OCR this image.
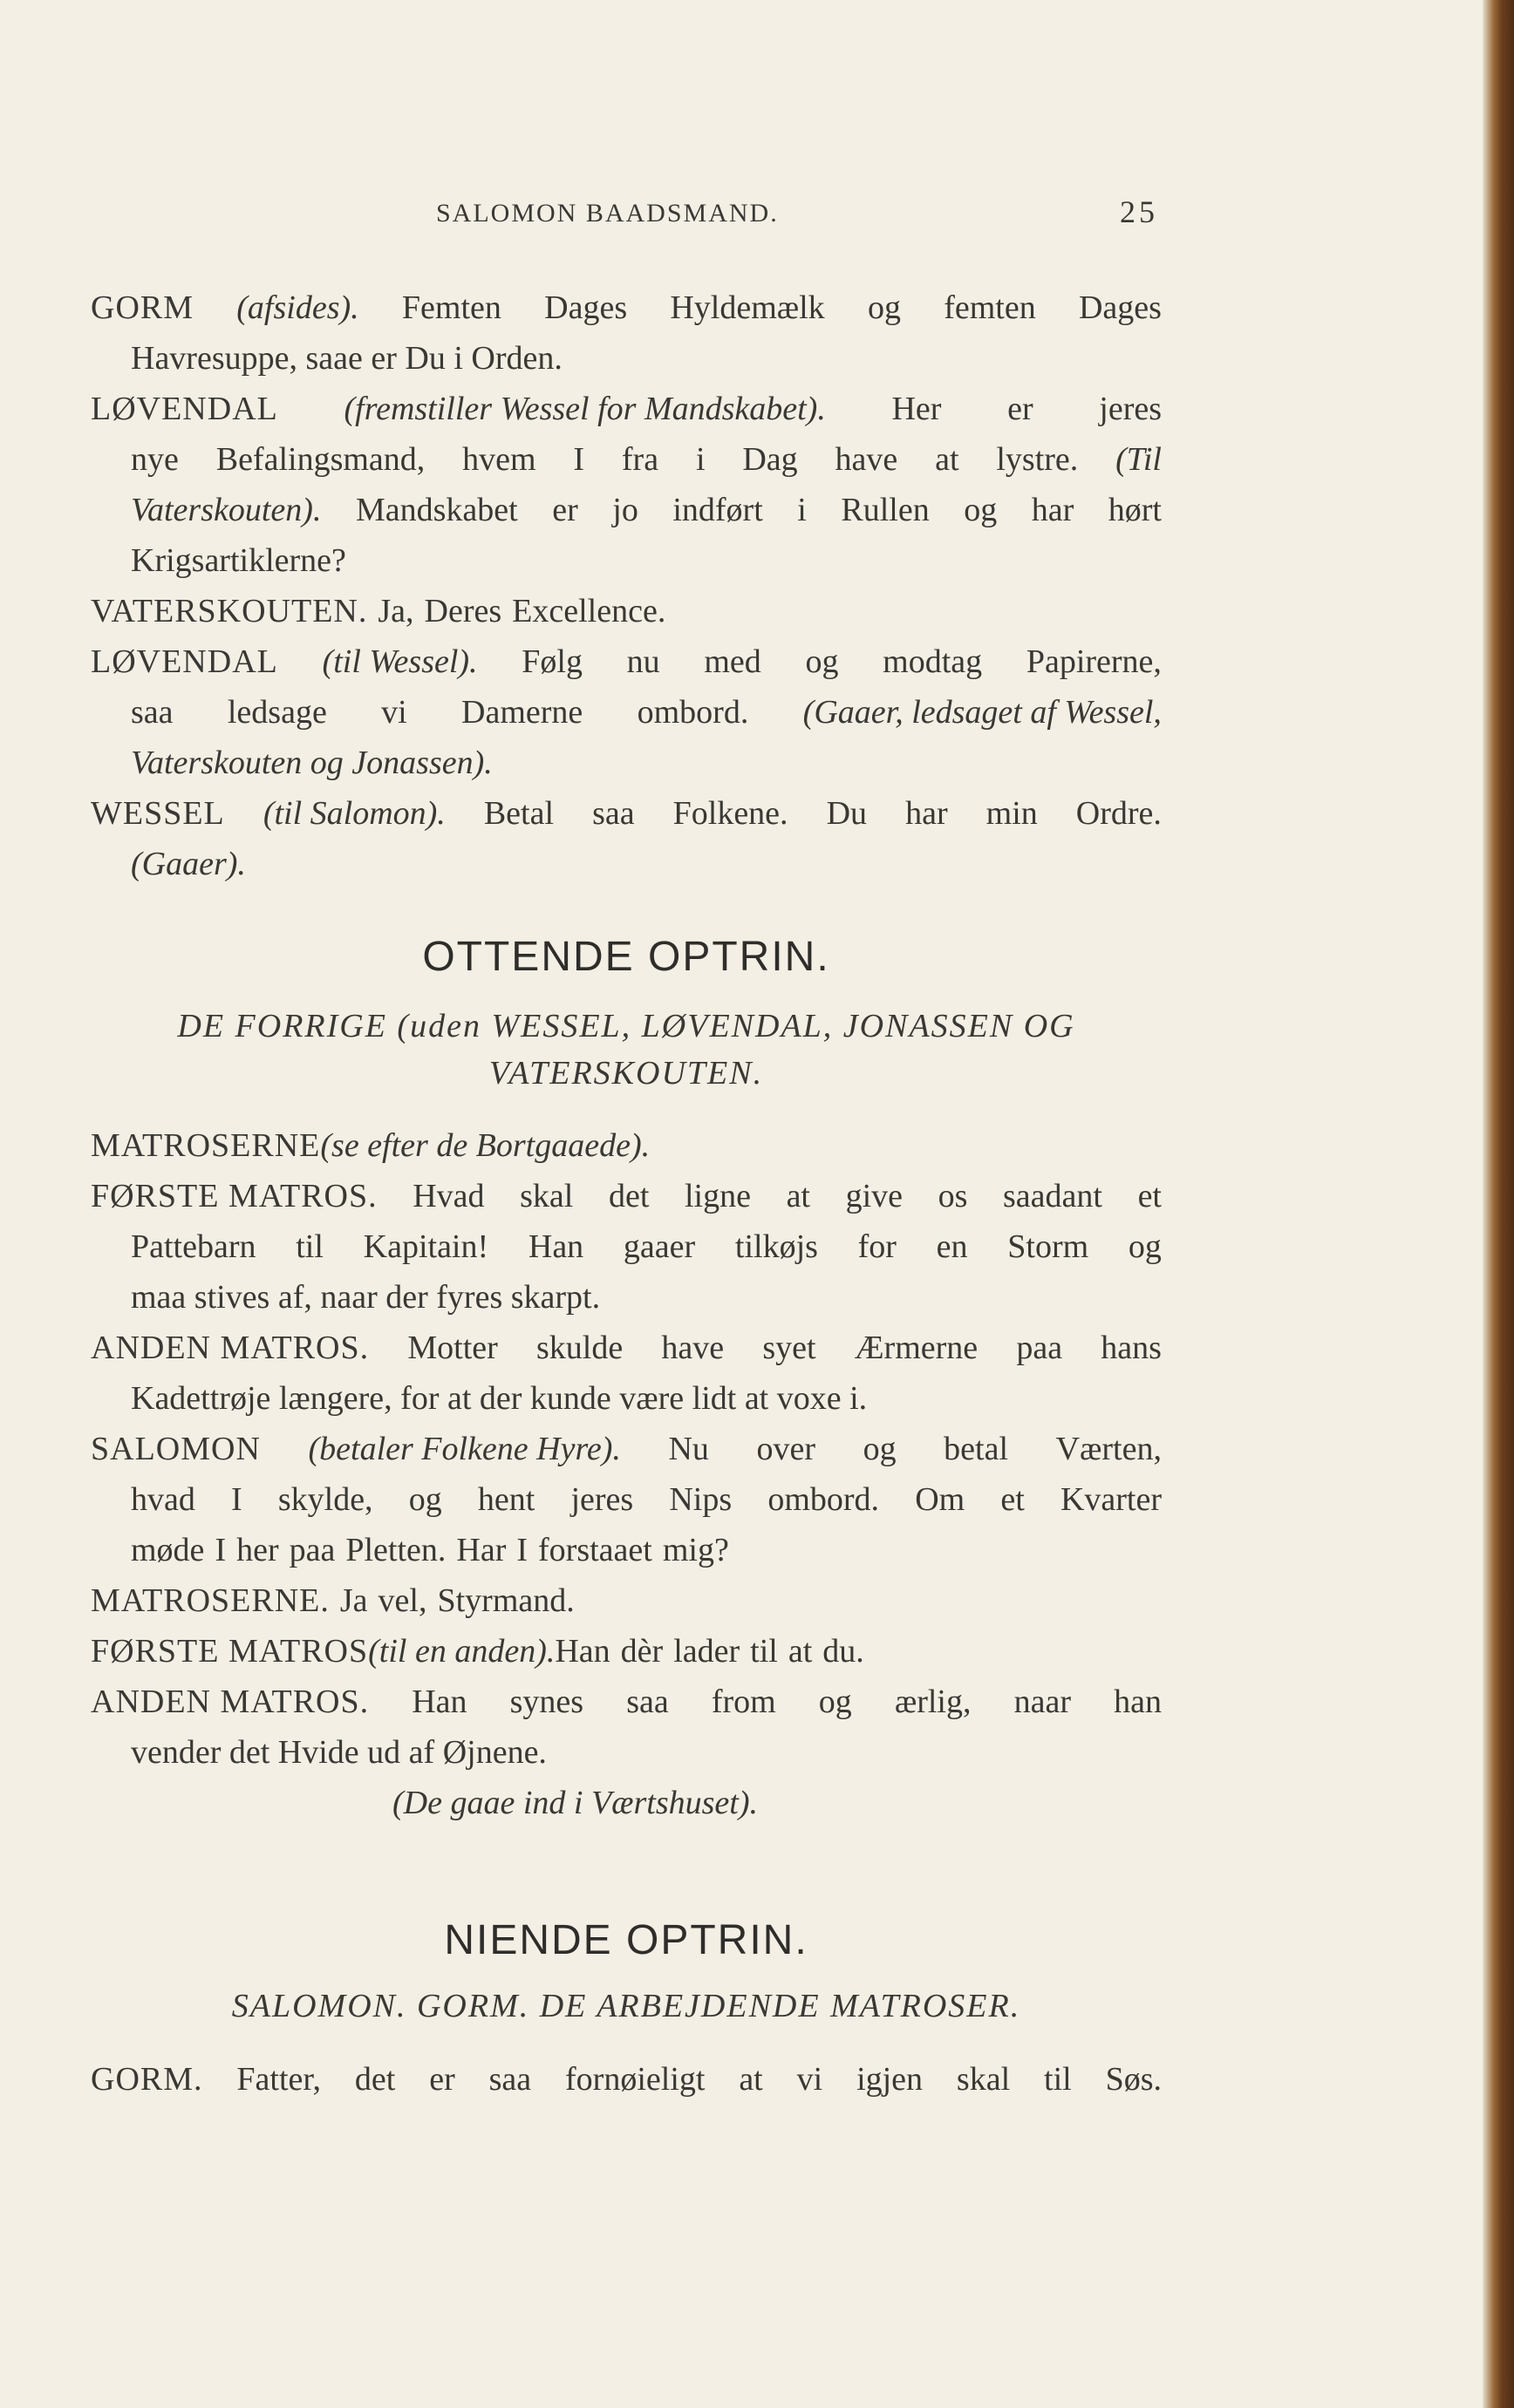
SALOMON BAADSMAND.	25
GORM (afsides). Femten Dages Hyldemælk og femten Dages
Havresuppe, saae er Du i Orden.
LØVENDAL (fremstiller Wessel for Mandskabet). Her er jeres
nye Befalingsmand, hvem I fra i Dag have at lystre. (Til
Vaterskouten). Mandskabet er jo indført i Rullen og har hørt
Krigsartiklerne?
VATERSKOUTEN. Ja, Deres Excellence.
LØVENDAL (til Wessel). Følg nu med og modtag Papirerne,
saa ledsage vi Damerne ombord. (Gaaer, ledsaget af Wessel,
Vaterskouten og Jonassen).
WESSEL (til Salomon). Betal saa Folkene. Du har min Ordre.
(Gaaer).
OTTENDE OPTRIN.
DE FORRIGE (uden WESSEL, LØVENDAL, JONASSEN OG
VATERSKOUTEN.
MATROSERNE (se efter de Bortgaaede).
FØRSTE MATROS. Hvad skal det ligne at give os saadant et
Pattebarn til Kapitain! Han gaaer tilkøjs for en Storm og
maa stives af, naar der fyres skarpt.
ANDEN MATROS. Motter skulde have syet Ærmerne paa hans
Kadettrøje længere, for at der kunde være lidt at voxe i.
SALOMON (betaler Folkene Hyre). Nu over og betal Værten,
hvad I skylde, og hent jeres Nips ombord. Om et Kvarter
møde I her paa Pletten. Har I forstaaet mig?
MATROSERNE. Ja vel, Styrmand.
FØRSTE MATROS (til en anden). Han dèr lader til at du.
ANDEN MATROS. Han synes saa from og ærlig, naar han
vender det Hvide ud af Øjnene.
(De gaae ind i Værtshuset).
NIENDE OPTRIN.
SALOMON. GORM. DE ARBEJDENDE MATROSER.
GORM. Fatter, det er saa fornøieligt at vi igjen skal til Søs.
